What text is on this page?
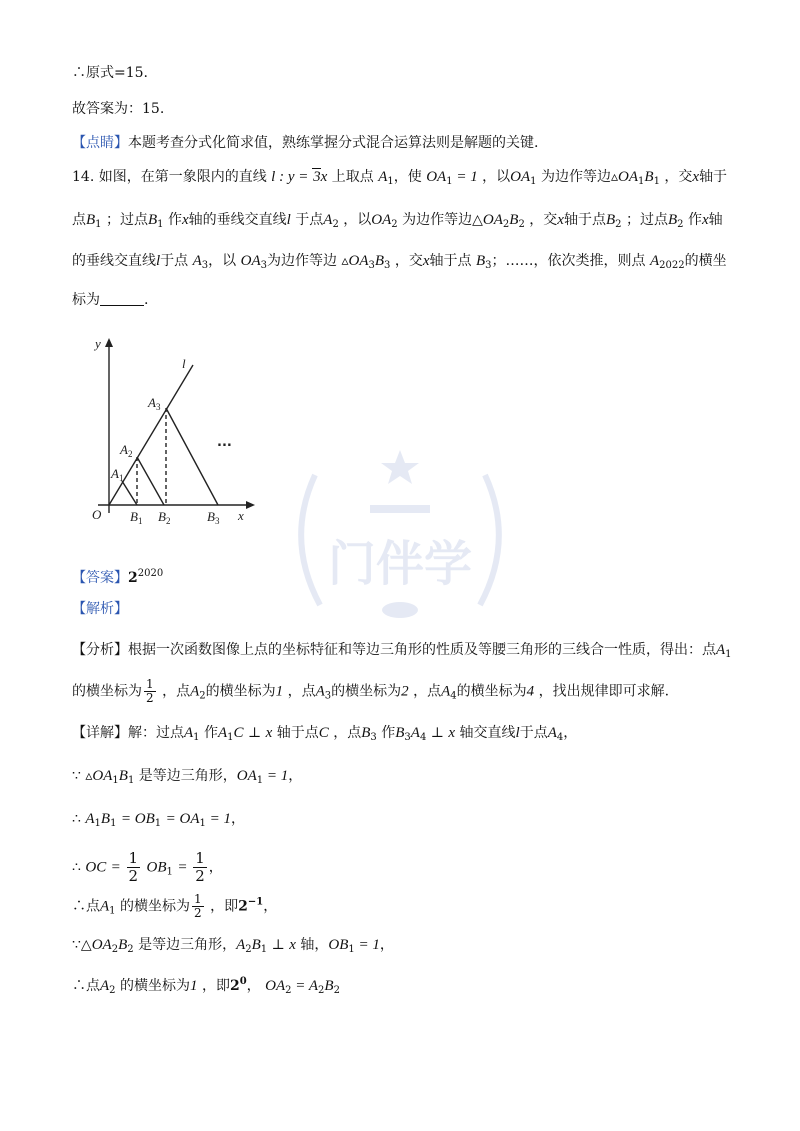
∴原式=15.
故答案为：15.
【点睛】本题考查分式化简求值，熟练掌握分式混合运算法则是解题的关键.
14. 如图，在第一象限内的直线 l : y = 3x 上取点 $A_1$，使 $OA_1 = 1$ ，以$OA_1$ 为边作等边$▵OA_1B_1$ ，交x轴于
点$B_1$ ；过点$B_1$ 作x轴的垂线交直线l 于点$A_2$ ，以$OA_2$ 为边作等边$\triangle OA_2B_2$ ，交x轴于点$B_2$ ；过点$B_2$ 作x轴
的垂线交直线l于点 $A_3$，以 $OA_3$为边作等边 $▵OA_3B_3$ ，交x轴于点 $B_3$；……，依次类推，则点 $A_{2022}$的横坐
标为	.
y
x
l
O
$A_1$
$A_2$
$A_3$
$B_1$ $B_2$	$B_3$
...
门伴学
【答案】$2^{2020}$
【解析】
【分析】根据一次函数图像上点的坐标特征和等边三角形的性质及等腰三角形的三线合一性质，得出：点$A_1$
的横坐标为 $\frac{1}{2}$ ，点$A_2$的横坐标为1 ，点$A_3$的横坐标为2 ，点$A_4$的横坐标为4 ，找出规律即可求解.
【详解】解：过点$A_1$ 作$A_1C$ ⊥ x 轴于点C ，点$B_3$ 作$B_3A_4$ ⊥ x 轴交直线l于点$A_4$，
∵ $▵OA_1B_1$ 是等边三角形，$OA_1 = 1$，
∴ $A_1B_1 = OB_1 = OA_1 = 1$，
∴ OC = $\frac{1}{2} OB_1 = \frac{1}{2}$ ，
∴点$A_1$ 的横坐标为 $\frac{1}{2}$ ，即$2^{-1}$，
$\because\triangle OA_2B_2$ 是等边三角形，$A_2B_1$ ⊥ x 轴，$OB_1 = 1$，
∴点$A_2$ 的横坐标为1 ，即$2^0$， $OA_2 = A_2B_2$
